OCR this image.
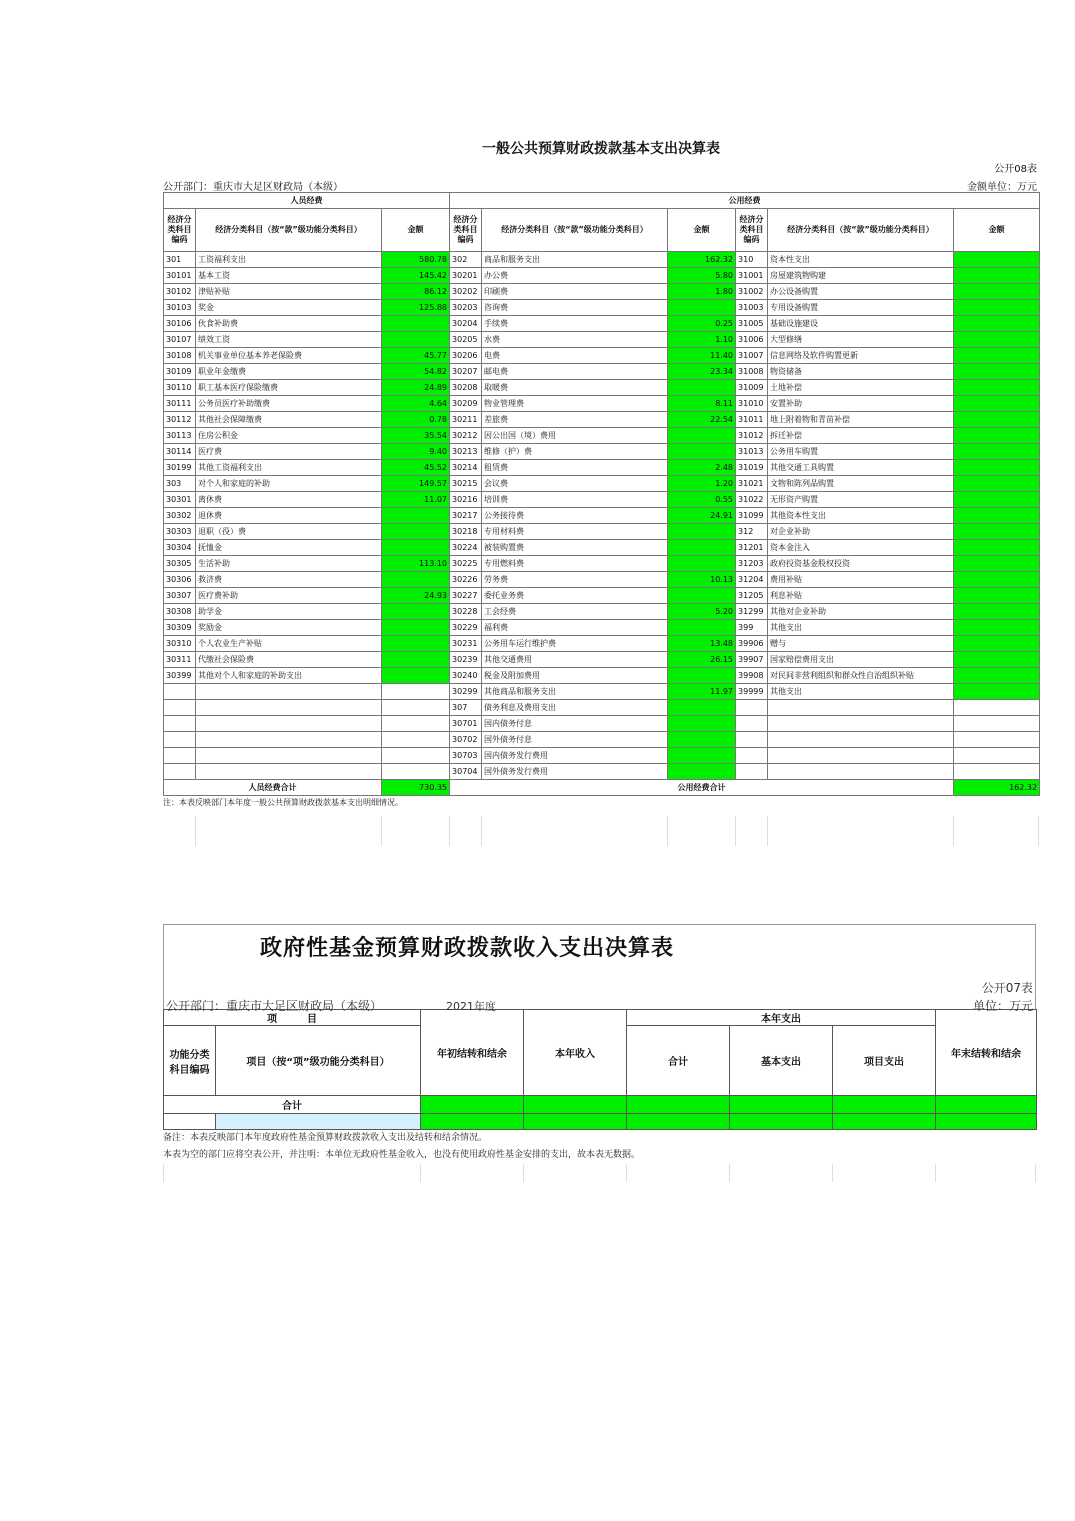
一般公共预算财政拨款基本支出决算表
公开08表
公开部门：重庆市大足区财政局（本级）	金额单位：万元
人员经费			公用经费					
经济分类科目编码	经济分类科目（按“款”级功能分类科目）	金额	经济分类科目编码	经济分类科目（按“款”级功能分类科目）	金额	经济分类科目编码	经济分类科目（按“款”级功能分类科目）	金额
301	工资福利支出	580.78	302	商品和服务支出	162.32	310	资本性支出	
30101	基本工资	145.42	30201	办公费	5.80	31001	房屋建筑物购建	
30102	津贴补贴	86.12	30202	印刷费	1.80	31002	办公设备购置	
30103	奖金	125.88	30203	咨询费		31003	专用设备购置	
30106	伙食补助费		30204	手续费	0.25	31005	基础设施建设	
30107	绩效工资		30205	水费	1.10	31006	大型修缮	
30108	机关事业单位基本养老保险费	45.77	30206	电费	11.40	31007	信息网络及软件购置更新	
30109	职业年金缴费	54.82	30207	邮电费	23.34	31008	物资储备	
30110	职工基本医疗保险缴费	24.89	30208	取暖费		31009	土地补偿	
30111	公务员医疗补助缴费	4.64	30209	物业管理费	8.11	31010	安置补助	
30112	其他社会保障缴费	0.78	30211	差旅费	22.54	31011	地上附着物和青苗补偿	
30113	住房公积金	35.54	30212	因公出国（境）费用		31012	拆迁补偿	
30114	医疗费	9.40	30213	维修（护）费		31013	公务用车购置	
30199	其他工资福利支出	45.52	30214	租赁费	2.48	31019	其他交通工具购置	
303	对个人和家庭的补助	149.57	30215	会议费	1.20	31021	文物和陈列品购置	
30301	离休费	11.07	30216	培训费	0.55	31022	无形资产购置	
30302	退休费		30217	公务接待费	24.91	31099	其他资本性支出	
30303	退职（役）费		30218	专用材料费		312	对企业补助	
30304	抚恤金		30224	被装购置费		31201	资本金注入	
30305	生活补助	113.10	30225	专用燃料费		31203	政府投资基金股权投资	
30306	救济费		30226	劳务费	10.13	31204	费用补贴	
30307	医疗费补助	24.93	30227	委托业务费		31205	利息补贴	
30308	助学金		30228	工会经费	5.20	31299	其他对企业补助	
30309	奖励金		30229	福利费		399	其他支出	
30310	个人农业生产补贴		30231	公务用车运行维护费	13.48	39906	赠与	
30311	代缴社会保险费		30239	其他交通费用	26.15	39907	国家赔偿费用支出	
30399	其他对个人和家庭的补助支出		30240	税金及附加费用		39908	对民间非营利组织和群众性自治组织补贴	
			30299	其他商品和服务支出	11.97	39999	其他支出	
			307	债务利息及费用支出				
			30701	国内债务付息				
			30702	国外债务付息				
			30703	国内债务发行费用				
			30704	国外债务发行费用				
人员经费合计		730.35	公用经费合计					162.32
注：本表反映部门本年度一般公共预算财政拨款基本支出明细情况。
政府性基金预算财政拨款收入支出决算表
公开07表
公开部门：重庆市大足区财政局（本级）	2021年度	单位：万元
项　　　目		年初结转和结余	本年收入	本年支出			年末结转和结余
功能分类科目编码	项目（按“项”级功能分类科目）			合计	基本支出	项目支出	
合计							

备注：本表反映部门本年度政府性基金预算财政拨款收入支出及结转和结余情况。
本表为空的部门应将空表公开，并注明：本单位无政府性基金收入，也没有使用政府性基金安排的支出，故本表无数据。
